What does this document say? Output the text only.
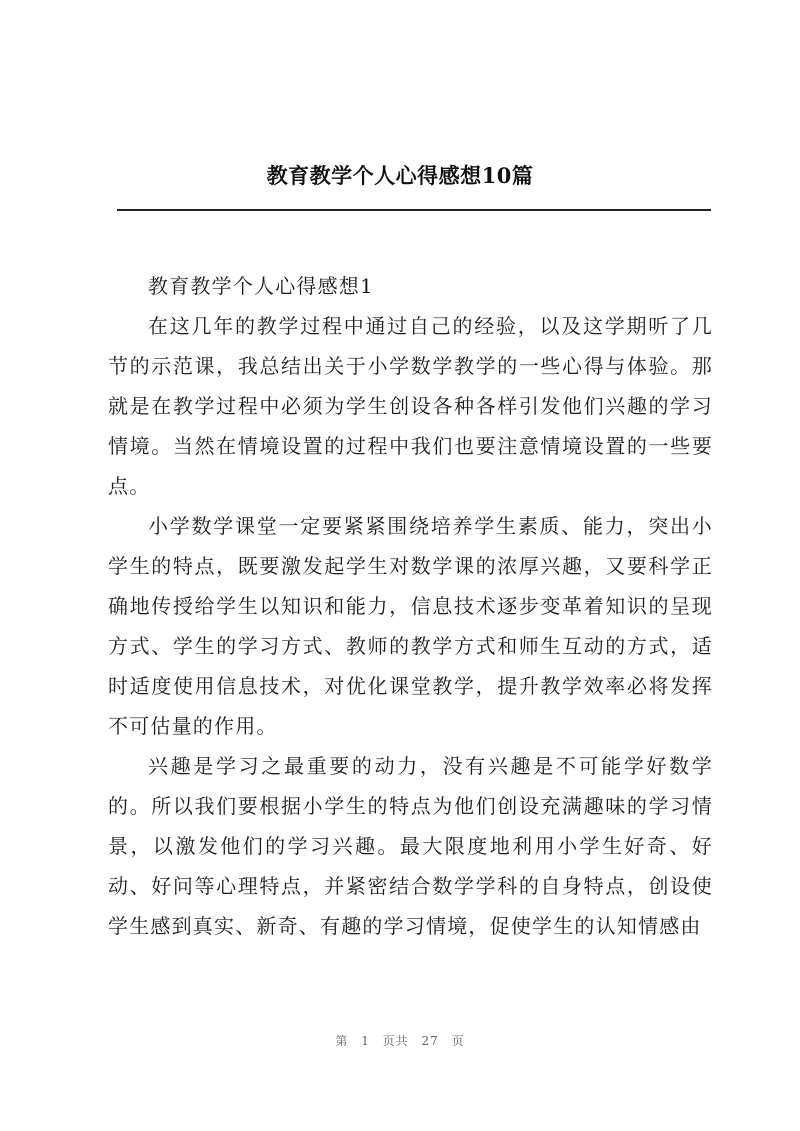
教育教学个人心得感想10篇

教育教学个人心得感想1

在这几年的教学过程中通过自己的经验，以及这学期听了几节的示范课，我总结出关于小学数学教学的一些心得与体验。那就是在教学过程中必须为学生创设各种各样引发他们兴趣的学习情境。当然在情境设置的过程中我们也要注意情境设置的一些要点。

小学数学课堂一定要紧紧围绕培养学生素质、能力，突出小学生的特点，既要激发起学生对数学课的浓厚兴趣，又要科学正确地传授给学生以知识和能力，信息技术逐步变革着知识的呈现方式、学生的学习方式、教师的教学方式和师生互动的方式，适时适度使用信息技术，对优化课堂教学，提升教学效率必将发挥不可估量的作用。

兴趣是学习之最重要的动力，没有兴趣是不可能学好数学的。所以我们要根据小学生的特点为他们创设充满趣味的学习情景，以激发他们的学习兴趣。最大限度地利用小学生好奇、好动、好问等心理特点，并紧密结合数学学科的自身特点，创设使学生感到真实、新奇、有趣的学习情境，促使学生的认知情感由

第 1 页共 27 页
